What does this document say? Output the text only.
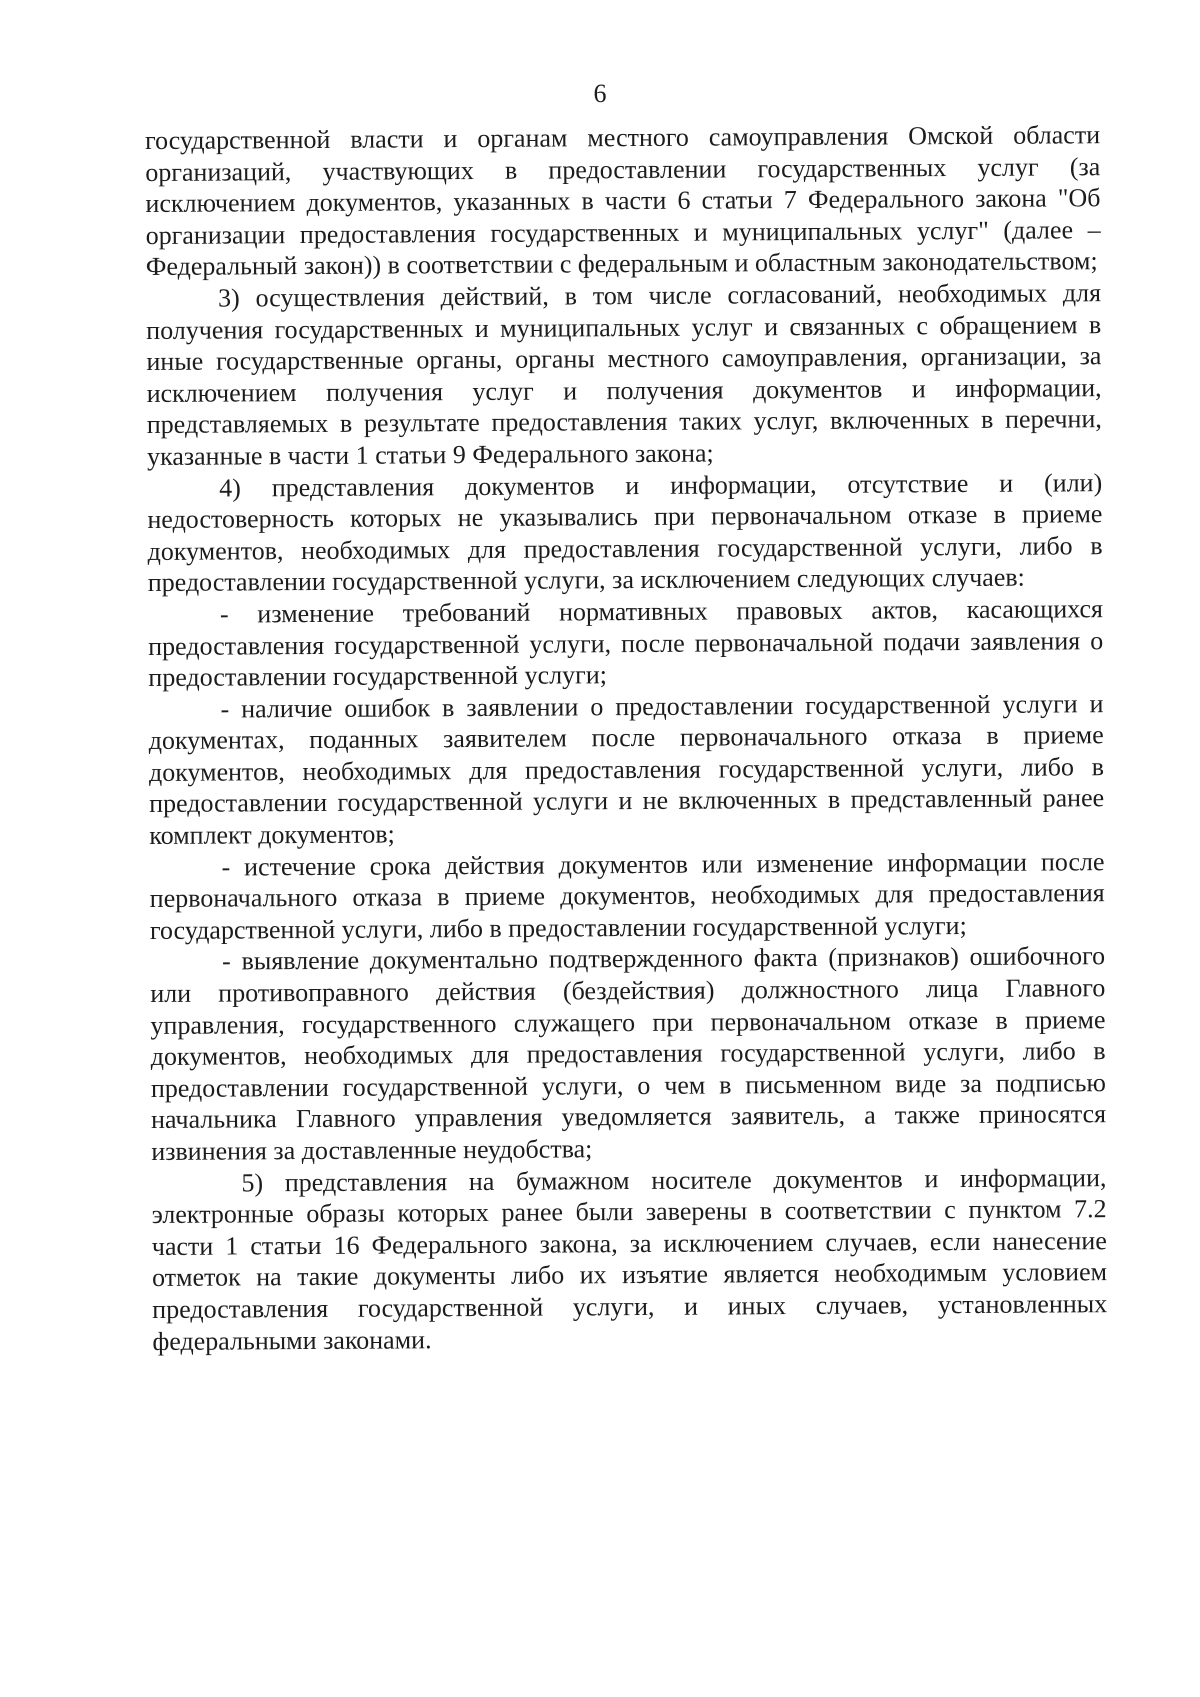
6

государственной власти и органам местного самоуправления Омской области организаций, участвующих в предоставлении государственных услуг (за исключением документов, указанных в части 6 статьи 7 Федерального закона "Об организации предоставления государственных и муниципальных услуг" (далее – Федеральный закон)) в соответствии с федеральным и областным законодательством;

3) осуществления действий, в том числе согласований, необходимых для получения государственных и муниципальных услуг и связанных с обращением в иные государственные органы, органы местного самоуправления, организации, за исключением получения услуг и получения документов и информации, представляемых в результате предоставления таких услуг, включенных в перечни, указанные в части 1 статьи 9 Федерального закона;

4) представления документов и информации, отсутствие и (или) недостоверность которых не указывались при первоначальном отказе в приеме документов, необходимых для предоставления государственной услуги, либо в предоставлении государственной услуги, за исключением следующих случаев:

- изменение требований нормативных правовых актов, касающихся предоставления государственной услуги, после первоначальной подачи заявления о предоставлении государственной услуги;

- наличие ошибок в заявлении о предоставлении государственной услуги и документах, поданных заявителем после первоначального отказа в приеме документов, необходимых для предоставления государственной услуги, либо в предоставлении государственной услуги и не включенных в представленный ранее комплект документов;

- истечение срока действия документов или изменение информации после первоначального отказа в приеме документов, необходимых для предоставления государственной услуги, либо в предоставлении государственной услуги;

- выявление документально подтвержденного факта (признаков) ошибочного или противоправного действия (бездействия) должностного лица Главного управления, государственного служащего при первоначальном отказе в приеме документов, необходимых для предоставления государственной услуги, либо в предоставлении государственной услуги, о чем в письменном виде за подписью начальника Главного управления уведомляется заявитель, а также приносятся извинения за доставленные неудобства;

5) представления на бумажном носителе документов и информации, электронные образы которых ранее были заверены в соответствии с пунктом 7.2 части 1 статьи 16 Федерального закона, за исключением случаев, если нанесение отметок на такие документы либо их изъятие является необходимым условием предоставления государственной услуги, и иных случаев, установленных федеральными законами.
